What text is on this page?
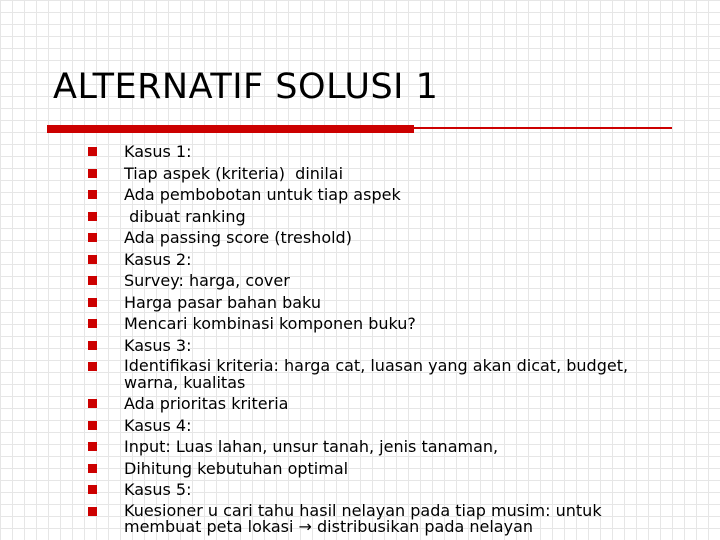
ALTERNATIF SOLUSI 1
Kasus 1:
Tiap aspek (kriteria)  dinilai
Ada pembobotan untuk tiap aspek
dibuat ranking
Ada passing score (treshold)
Kasus 2:
Survey: harga, cover
Harga pasar bahan baku
Mencari kombinasi komponen buku?
Kasus 3:
Identifikasi kriteria: harga cat, luasan yang akan dicat, budget, warna, kualitas
Ada prioritas kriteria
Kasus 4:
Input: Luas lahan, unsur tanah, jenis tanaman,
Dihitung kebutuhan optimal
Kasus 5:
Kuesioner u cari tahu hasil nelayan pada tiap musim: untuk membuat peta lokasi → distribusikan pada nelayan
